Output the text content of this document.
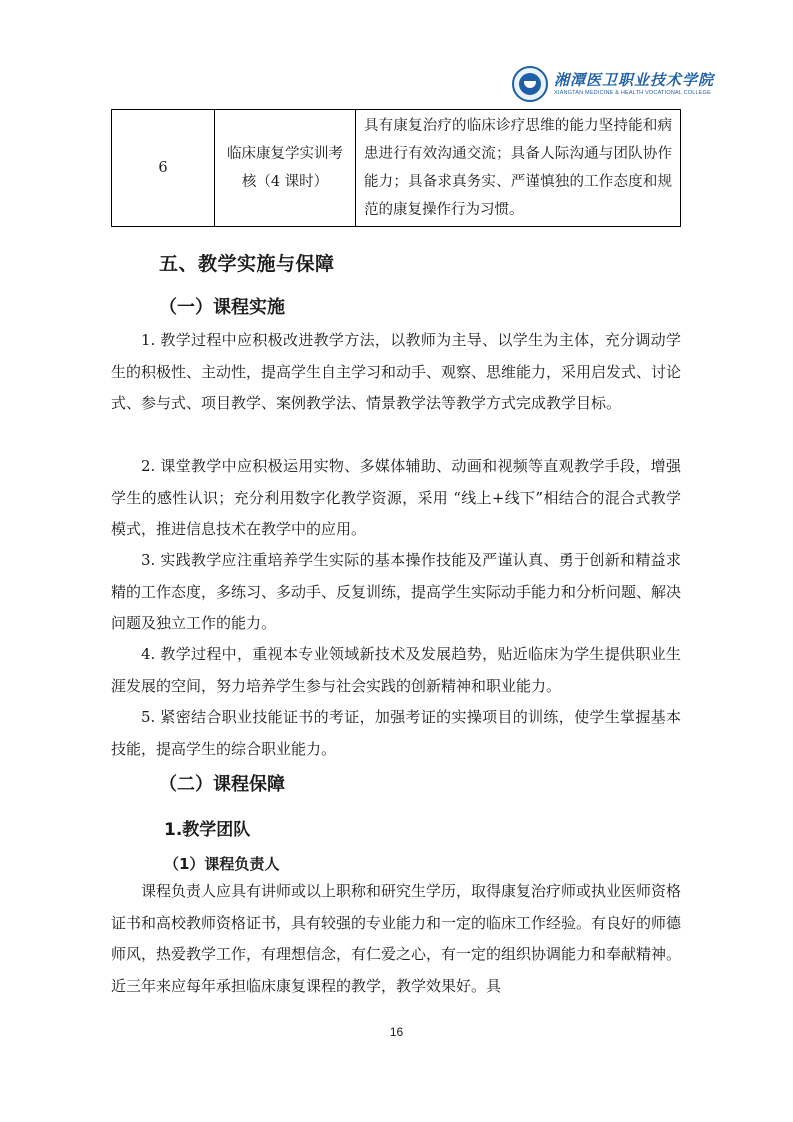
湘潭医卫职业技术学院
XIANGTAN MEDICINE & HEALTH VOCATIONAL COLLEGE
6	临床康复学实训考核（4 课时）	具有康复治疗的临床诊疗思维的能力坚持能和病患进行有效沟通交流；具备人际沟通与团队协作能力；具备求真务实、严谨慎独的工作态度和规范的康复操作行为习惯。
五、教学实施与保障
（一）课程实施
1. 教学过程中应积极改进教学方法，以教师为主导、以学生为主体，充分调动学生的积极性、主动性，提高学生自主学习和动手、观察、思维能力，采用启发式、讨论式、参与式、项目教学、案例教学法、情景教学法等教学方式完成教学目标。
2. 课堂教学中应积极运用实物、多媒体辅助、动画和视频等直观教学手段，增强学生的感性认识；充分利用数字化教学资源，采用 “线上+线下”相结合的混合式教学模式，推进信息技术在教学中的应用。
3. 实践教学应注重培养学生实际的基本操作技能及严谨认真、勇于创新和精益求精的工作态度，多练习、多动手、反复训练，提高学生实际动手能力和分析问题、解决问题及独立工作的能力。
4. 教学过程中，重视本专业领域新技术及发展趋势，贴近临床为学生提供职业生涯发展的空间，努力培养学生参与社会实践的创新精神和职业能力。
5. 紧密结合职业技能证书的考证，加强考证的实操项目的训练，使学生掌握基本技能，提高学生的综合职业能力。
（二）课程保障
1.教学团队
（1）课程负责人
课程负责人应具有讲师或以上职称和研究生学历，取得康复治疗师或执业医师资格证书和高校教师资格证书，具有较强的专业能力和一定的临床工作经验。有良好的师德师风，热爱教学工作，有理想信念，有仁爱之心，有一定的组织协调能力和奉献精神。近三年来应每年承担临床康复课程的教学，教学效果好。具
16
